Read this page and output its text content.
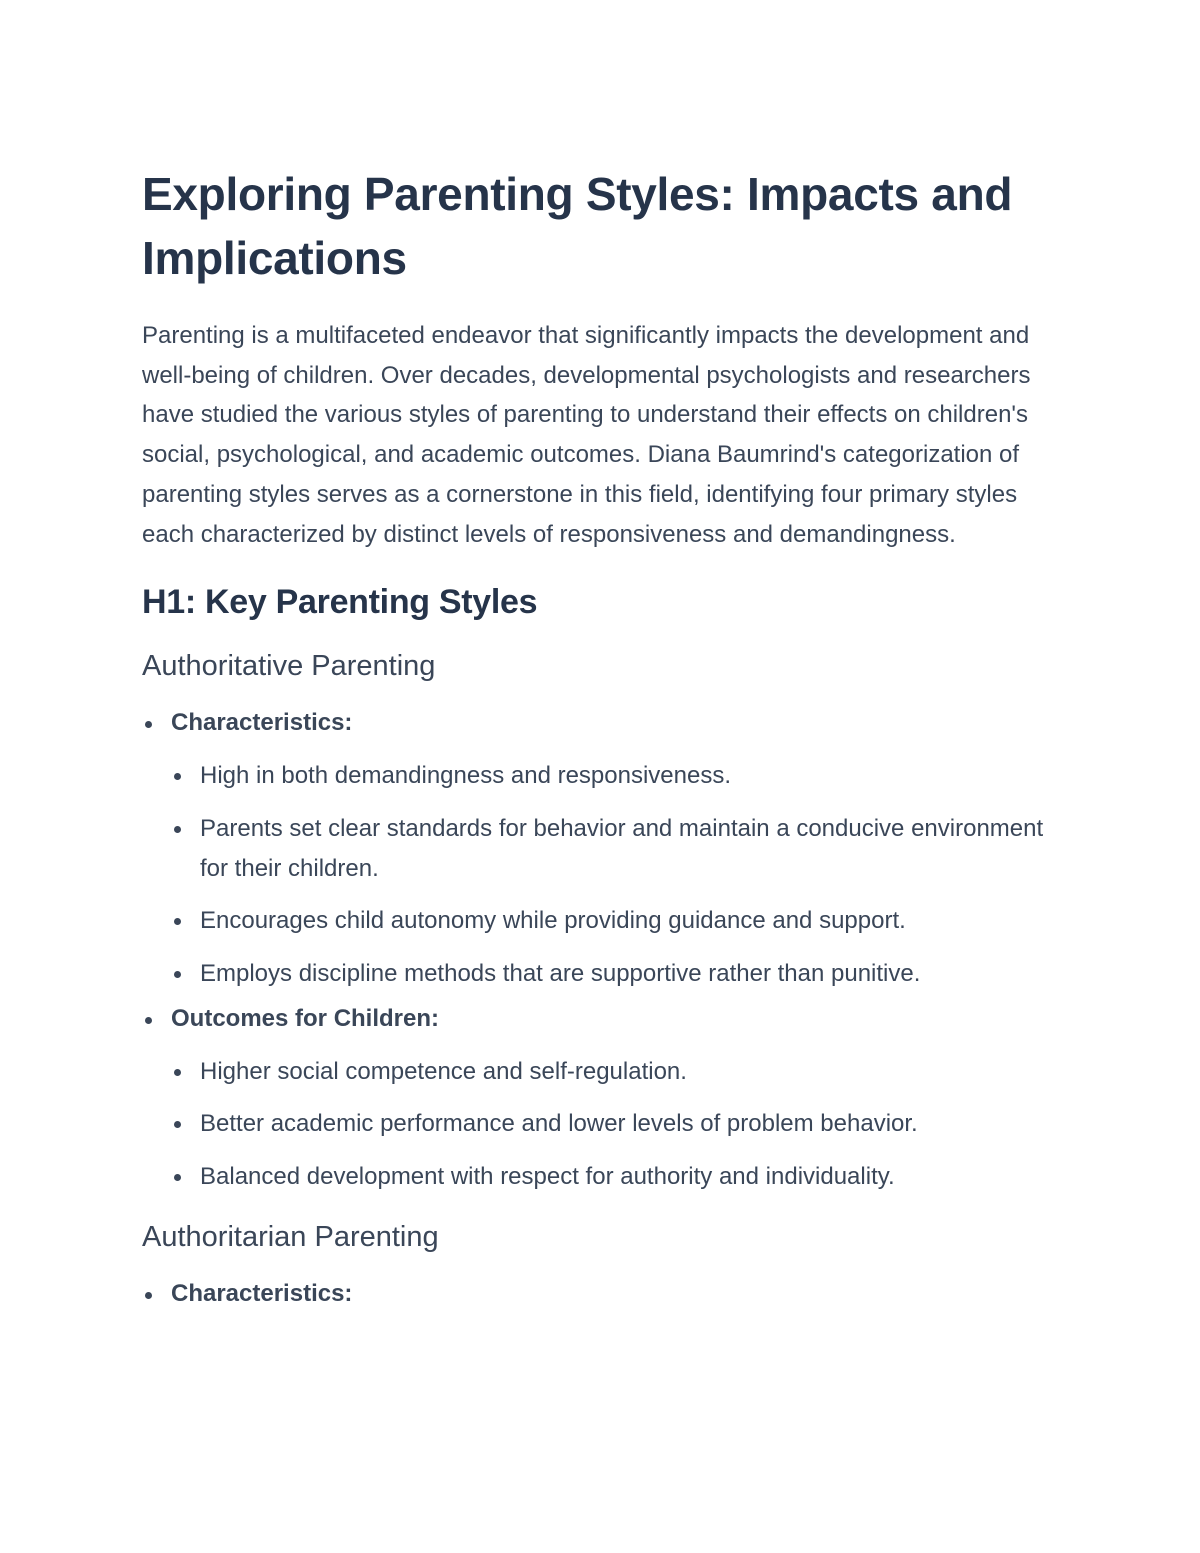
Exploring Parenting Styles: Impacts and Implications

Parenting is a multifaceted endeavor that significantly impacts the development and well-being of children. Over decades, developmental psychologists and researchers have studied the various styles of parenting to understand their effects on children's social, psychological, and academic outcomes. Diana Baumrind's categorization of parenting styles serves as a cornerstone in this field, identifying four primary styles each characterized by distinct levels of responsiveness and demandingness.

H1: Key Parenting Styles
Authoritative Parenting
Characteristics:
High in both demandingness and responsiveness.
Parents set clear standards for behavior and maintain a conducive environment for their children.
Encourages child autonomy while providing guidance and support.
Employs discipline methods that are supportive rather than punitive.
Outcomes for Children:
Higher social competence and self-regulation.
Better academic performance and lower levels of problem behavior.
Balanced development with respect for authority and individuality.
Authoritarian Parenting
Characteristics:
